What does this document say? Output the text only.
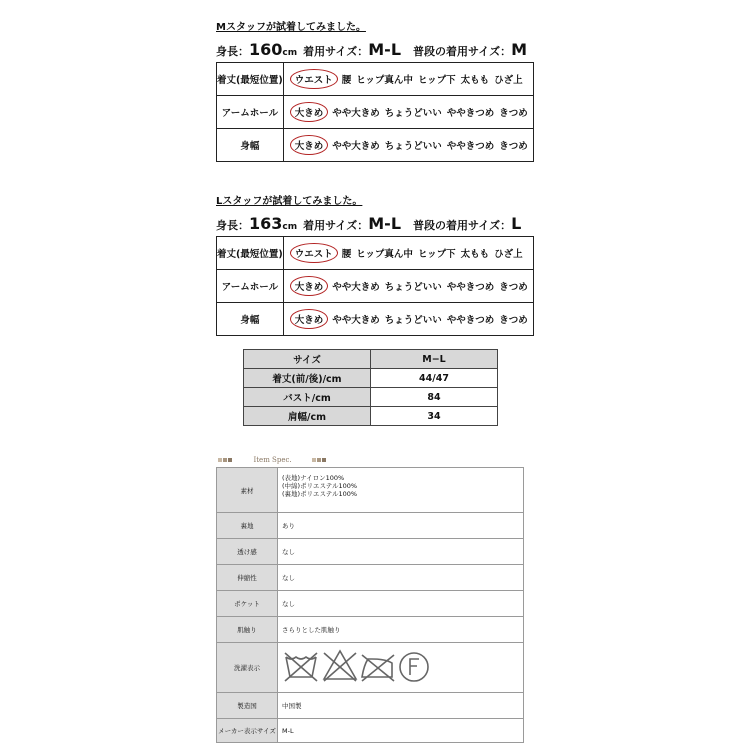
Mスタッフが試着してみました。
身長： 160 cm 着用サイズ： M-L 普段の着用サイズ： M
着丈(最短位置)	ウエスト 腰 ヒップ真ん中 ヒップ下 太もも ひざ上
アームホール	大きめ やや大きめ ちょうどいい ややきつめ きつめ
身幅	大きめ やや大きめ ちょうどいい ややきつめ きつめ
Lスタッフが試着してみました。
身長： 163 cm 着用サイズ： M-L 普段の着用サイズ： L
着丈(最短位置)	ウエスト 腰 ヒップ真ん中 ヒップ下 太もも ひざ上
アームホール	大きめ やや大きめ ちょうどいい ややきつめ きつめ
身幅	大きめ やや大きめ ちょうどいい ややきつめ きつめ
サイズ	M−L
着丈(前/後)/cm	44/47
バスト/cm	84
肩幅/cm	34
Item Spec.
素材	(表地)ナイロン100%
(中綿)ポリエステル100%
(裏地)ポリエステル100%

裏地	あり
透け感	なし
伸縮性	なし
ポケット	なし
肌触り	さらりとした肌触り
洗濯表示	
製造国	中国製
メーカー表示サイズ	M-L
